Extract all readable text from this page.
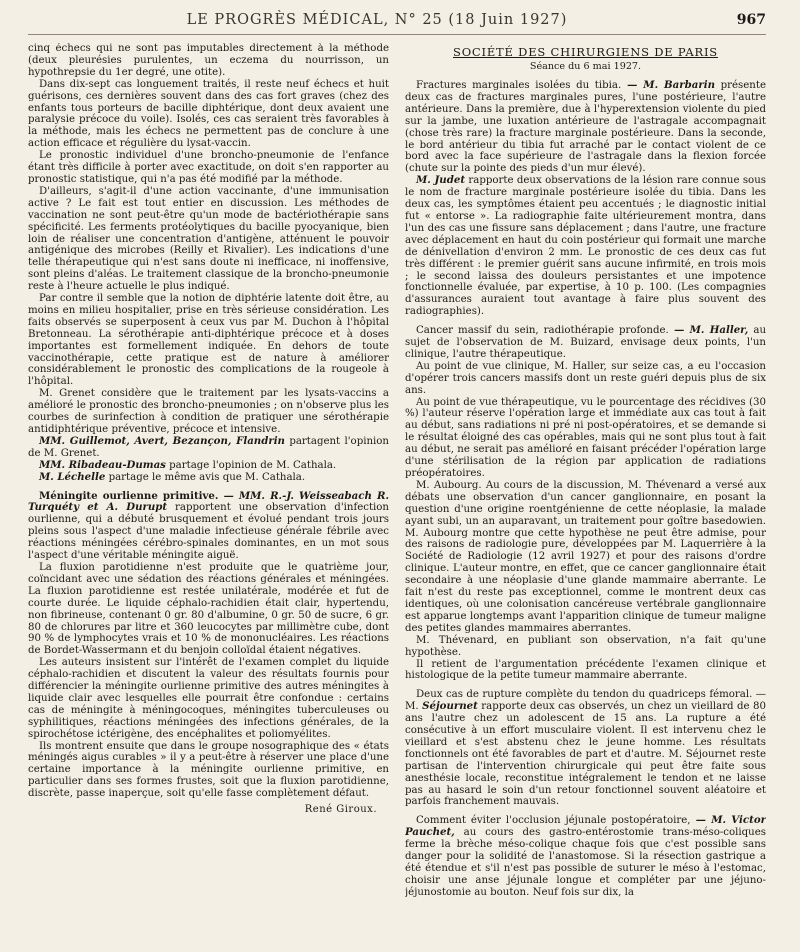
LE PROGRÈS MÉDICAL, N° 25 (18 Juin 1927)	967

cinq échecs qui ne sont pas imputables directement à la méthode (deux pleurésies purulentes, un eczema du nourrisson, un hypothrepsie du 1er degré, une otite).

Dans dix-sept cas longuement traités, il reste neuf échecs et huit guérisons, ces dernières souvent dans des cas fort graves (chez des enfants tous porteurs de bacille diphtérique, dont deux avaient une paralysie précoce du voile). Isolés, ces cas seraient très favorables à la méthode, mais les échecs ne permettent pas de conclure à une action efficace et régulière du lysat-vaccin.

Le pronostic individuel d'une broncho-pneumonie de l'enfance étant très difficile à porter avec exactitude, on doit s'en rapporter au pronostic statistique, qui n'a pas été modifié par la méthode.

D'ailleurs, s'agit-il d'une action vaccinante, d'une immunisation active ? Le fait est tout entier en discussion. Les méthodes de vaccination ne sont peut-être qu'un mode de bactériothérapie sans spécificité. Les ferments protéolytiques du bacille pyocyanique, bien loin de réaliser une concentration d'antigène, atténuent le pouvoir antigénique des microbes (Reilly et Rivalier). Les indications d'une telle thérapeutique qui n'est sans doute ni inefficace, ni inoffensive, sont pleins d'aléas. Le traitement classique de la broncho-pneumonie reste à l'heure actuelle le plus indiqué.

Par contre il semble que la notion de diphtérie latente doit être, au moins en milieu hospitalier, prise en très sérieuse considération. Les faits observés se superposent à ceux vus par M. Duchon à l'hôpital Bretonneau. La sérothérapie anti-diphtérique précoce et à doses importantes est formellement indiquée. En dehors de toute vaccinothérapie, cette pratique est de nature à améliorer considérablement le pronostic des complications de la rougeole à l'hôpital.

M. Grenet considère que le traitement par les lysats-vaccins a amélioré le pronostic des broncho-pneumonies ; on n'observe plus les courbes de surinfection à condition de pratiquer une sérothérapie antidiphtérique préventive, précoce et intensive.

MM. Guillemot, Avert, Bezançon, Flandrin partagent l'opinion de M. Grenet.

MM. Ribadeau-Dumas partage l'opinion de M. Cathala.

M. Léchelle partage le même avis que M. Cathala.

Méningite ourlienne primitive. — MM. R.-J. Weisseabach R. Turquéty et A. Durupt rapportent une observation d'infection ourlienne, qui a débuté brusquement et évolué pendant trois jours pleins sous l'aspect d'une maladie infectieuse générale fébrile avec réactions méningées cérébro-spinales dominantes, en un mot sous l'aspect d'une véritable méningite aiguë.

La fluxion parotidienne n'est produite que le quatrième jour, coïncidant avec une sédation des réactions générales et méningées. La fluxion parotidienne est restée unilatérale, modérée et fut de courte durée. Le liquide céphalo-rachidien était clair, hypertendu, non fibrineuse, contenant 0 gr. 80 d'albumine, 0 gr. 50 de sucre, 6 gr. 80 de chlorures par litre et 360 leucocytes par millimètre cube, dont 90 % de lymphocytes vrais et 10 % de mononucléaires. Les réactions de Bordet-Wassermann et du benjoin colloïdal étaient négatives.

Les auteurs insistent sur l'intérêt de l'examen complet du liquide céphalo-rachidien et discutent la valeur des résultats fournis pour différencier la méningite ourlienne primitive des autres méningites à liquide clair avec lesquelles elle pourrait être confondue : certains cas de méningite à méningocoques, méningites tuberculeuses ou syphilitiques, réactions méningées des infections générales, de la spirochétose ictérigène, des encéphalites et poliomyélites.

Ils montrent ensuite que dans le groupe nosographique des « états méningés aigus curables » il y a peut-être à réserver une place d'une certaine importance à la méningite ourlienne primitive, en particulier dans ses formes frustes, soit que la fluxion parotidienne, discrète, passe inaperçue, soit qu'elle fasse complètement défaut.

René Giroux.
SOCIÉTÉ DES CHIRURGIENS DE PARIS
Séance du 6 mai 1927.

Fractures marginales isolées du tibia. — M. Barbarin présente deux cas de fractures marginales pures, l'une postérieure, l'autre antérieure. Dans la première, due à l'hyperextension violente du pied sur la jambe, une luxation antérieure de l'astragale accompagnait (chose très rare) la fracture marginale postérieure. Dans la seconde, le bord antérieur du tibia fut arraché par le contact violent de ce bord avec la face supérieure de l'astragale dans la flexion forcée (chute sur la pointe des pieds d'un mur élevé).

M. Judet rapporte deux observations de la lésion rare connue sous le nom de fracture marginale postérieure isolée du tibia. Dans les deux cas, les symptômes étaient peu accentués ; le diagnostic initial fut « entorse ». La radiographie faite ultérieurement montra, dans l'un des cas une fissure sans déplacement ; dans l'autre, une fracture avec déplacement en haut du coin postérieur qui formait une marche de dénivellation d'environ 2 mm. Le pronostic de ces deux cas fut très différent : le premier guérit sans aucune infirmité, en trois mois ; le second laissa des douleurs persistantes et une impotence fonctionnelle évaluée, par expertise, à 10 p. 100. (Les compagnies d'assurances auraient tout avantage à faire plus souvent des radiographies).

Cancer massif du sein, radiothérapie profonde. — M. Haller, au sujet de l'observation de M. Buizard, envisage deux points, l'un clinique, l'autre thérapeutique.

Au point de vue clinique, M. Haller, sur seize cas, a eu l'occasion d'opérer trois cancers massifs dont un reste guéri depuis plus de six ans.

Au point de vue thérapeutique, vu le pourcentage des récidives (30 %) l'auteur réserve l'opération large et immédiate aux cas tout à fait au début, sans radiations ni pré ni post-opératoires, et se demande si le résultat éloigné des cas opérables, mais qui ne sont plus tout à fait au début, ne serait pas amélioré en faisant précéder l'opération large d'une stérilisation de la région par application de radiations préopératoires.

M. Aubourg. Au cours de la discussion, M. Thévenard a versé aux débats une observation d'un cancer ganglionnaire, en posant la question d'une origine roentgénienne de cette néoplasie, la malade ayant subi, un an auparavant, un traitement pour goître basedowien. M. Aubourg montre que cette hypothèse ne peut être admise, pour des raisons de radiologie pure, développées par M. Laquerrière à la Société de Radiologie (12 avril 1927) et pour des raisons d'ordre clinique. L'auteur montre, en effet, que ce cancer ganglionnaire était secondaire à une néoplasie d'une glande mammaire aberrante. Le fait n'est du reste pas exceptionnel, comme le montrent deux cas identiques, où une colonisation cancéreuse vertébrale ganglionnaire est apparue longtemps avant l'apparition clinique de tumeur maligne des petites glandes mammaires aberrantes.

M. Thévenard, en publiant son observation, n'a fait qu'une hypothèse.

Il retient de l'argumentation précédente l'examen clinique et histologique de la petite tumeur mammaire aberrante.

Deux cas de rupture complète du tendon du quadriceps fémoral. — M. Séjournet rapporte deux cas observés, un chez un vieillard de 80 ans l'autre chez un adolescent de 15 ans. La rupture a été consécutive à un effort musculaire violent. Il est intervenu chez le vieillard et s'est abstenu chez le jeune homme. Les résultats fonctionnels ont été favorables de part et d'autre. M. Séjournet reste partisan de l'intervention chirurgicale qui peut être faite sous anesthésie locale, reconstitue intégralement le tendon et ne laisse pas au hasard le soin d'un retour fonctionnel souvent aléatoire et parfois franchement mauvais.

Comment éviter l'occlusion jéjunale postopératoire, — M. Victor Pauchet, au cours des gastro-entérostomie trans-méso-coliques ferme la brèche méso-colique chaque fois que c'est possible sans danger pour la solidité de l'anastomose. Si la résection gastrique a été étendue et s'il n'est pas possible de suturer le méso à l'estomac, choisir une anse jéjunale longue et compléter par une jéjuno-jéjunostomie au bouton. Neuf fois sur dix, la
